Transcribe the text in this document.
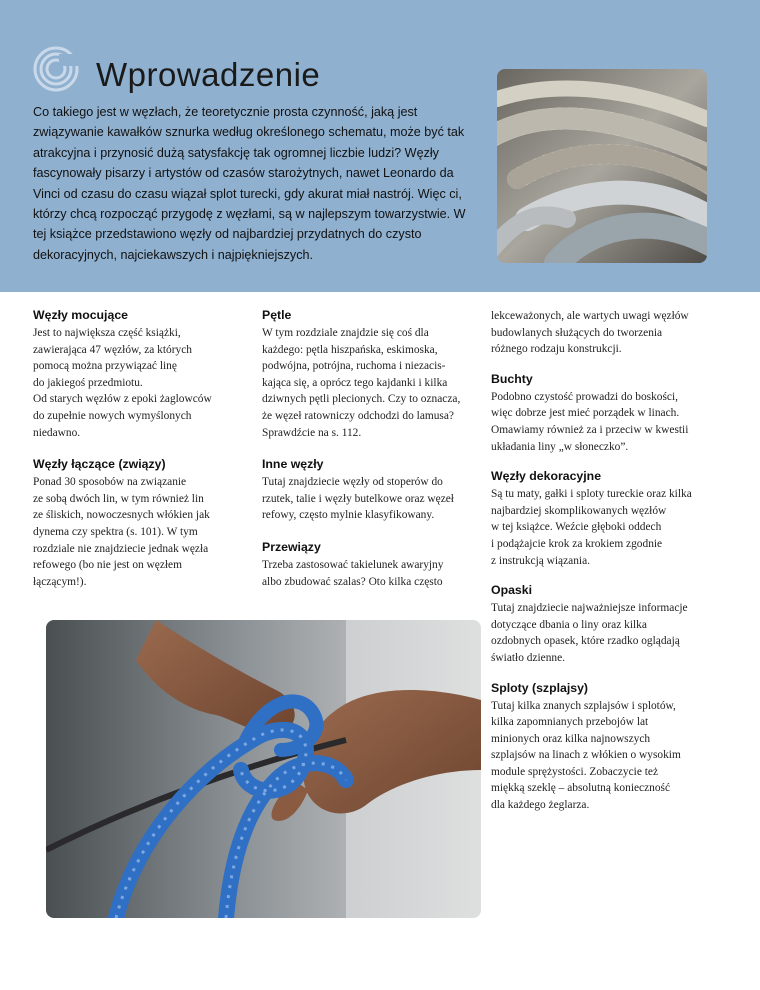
Wprowadzenie

Co takiego jest w węzłach, że teoretycznie prosta czynność, jaką jest związywanie kawałków sznurka według określonego schematu, może być tak atrakcyjna i przynosić dużą satysfakcję tak ogromnej liczbie ludzi? Węzły fascynowały pisarzy i artystów od czasów starożytnych, nawet Leonardo da Vinci od czasu do czasu wiązał splot turecki, gdy akurat miał nastrój. Więc ci, którzy chcą rozpocząć przygodę z węzłami, są w najlepszym towarzystwie. W tej książce przedstawiono węzły od najbardziej przydatnych do czysto dekoracyjnych, najciekawszych i najpiękniejszych.

Węzły mocujące

Jest to największa część książki,
zawierająca 47 węzłów, za których
pomocą można przywiązać linę
do jakiegoś przedmiotu.
Od starych węzłów z epoki żaglowców
do zupełnie nowych wymyślonych
niedawno.

Węzły łączące (związy)

Ponad 30 sposobów na związanie
ze sobą dwóch lin, w tym również lin
ze śliskich, nowoczesnych włókien jak
dynema czy spektra (s. 101). W tym
rozdziale nie znajdziecie jednak węzła
refowego (bo nie jest on węzłem
łączącym!).

Pętle

W tym rozdziale znajdzie się coś dla
każdego: pętla hiszpańska, eskimoska,
podwójna, potrójna, ruchoma i niezacis-
kająca się, a oprócz tego kajdanki i kilka
dziwnych pętli plecionych. Czy to oznacza,
że węzeł ratowniczy odchodzi do lamusa?
Sprawdźcie na s. 112.

Inne węzły

Tutaj znajdziecie węzły od stoperów do
rzutek, talie i węzły butelkowe oraz węzeł
refowy, często mylnie klasyfikowany.

Przewiązy

Trzeba zastosować takielunek awaryjny
albo zbudować szalas? Oto kilka często

lekceważonych, ale wartych uwagi węzłów
budowlanych służących do tworzenia
różnego rodzaju konstrukcji.

Buchty

Podobno czystość prowadzi do boskości,
więc dobrze jest mieć porządek w linach.
Omawiamy również za i przeciw w kwestii
układania liny „w słoneczko”.

Węzły dekoracyjne

Są tu maty, gałki i sploty tureckie oraz kilka
najbardziej skomplikowanych węzłów
w tej książce. Weźcie głęboki oddech
i podążajcie krok za krokiem zgodnie
z instrukcją wiązania.

Opaski

Tutaj znajdziecie najważniejsze informacje
dotyczące dbania o liny oraz kilka
ozdobnych opasek, które rzadko oglądają
światło dzienne.

Sploty (szplajsy)

Tutaj kilka znanych szplajsów i splotów,
kilka zapomnianych przebojów lat
minionych oraz kilka najnowszych
szplajsów na linach z włókien o wysokim
module sprężystości. Zobaczycie też
miękką szeklę – absolutną konieczność
dla każdego żeglarza.
